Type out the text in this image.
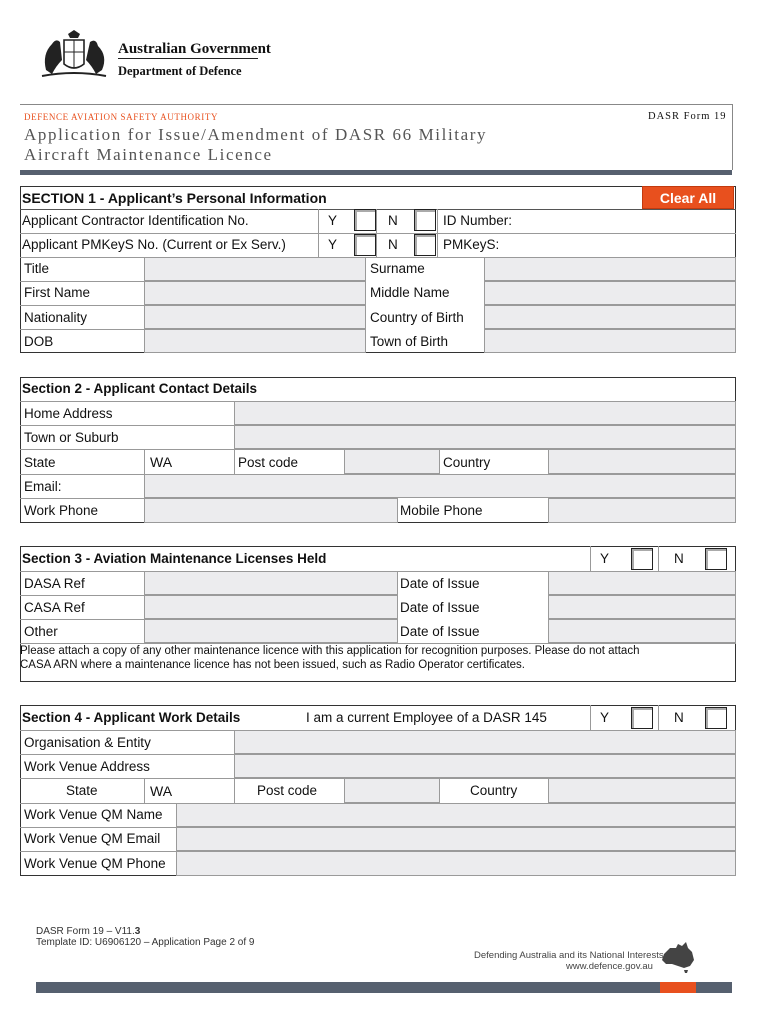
Australian Government
Department of Defence
DEFENCE AVIATION SAFETY AUTHORITY	DASR Form 19
Application for Issue/Amendment of DASR 66 Military
Aircraft Maintenance Licence
SECTION 1 - Applicant’s Personal Information	Clear All
Applicant Contractor Identification No.	Y	N	ID Number:
Applicant PMKeyS No. (Current or Ex Serv.)	Y	N	PMKeyS:
Title	Surname
First Name	Middle Name
Nationality	Country of Birth
DOB	Town of Birth
Section 2 - Applicant Contact Details
Home Address
Town or Suburb
State	WA	Post code	Country
Email:
Work Phone	Mobile Phone
Section 3 - Aviation Maintenance Licenses Held	Y	N
DASA Ref	Date of Issue
CASA Ref	Date of Issue
Other	Date of Issue
Please attach a copy of any other maintenance licence with this application for recognition purposes. Please do not attach
CASA ARN where a maintenance licence has not been issued, such as Radio Operator certificates.
Section 4 - Applicant Work Details	I am a current Employee of a DASR 145	Y	N
Organisation & Entity
Work Venue Address
State	WA	Post code	Country
Work Venue QM Name
Work Venue QM Email
Work Venue QM Phone
DASR Form 19 – V11.3
Template ID: U6906120 – Application Page 2 of 9
Defending Australia and its National Interests
www.defence.gov.au
